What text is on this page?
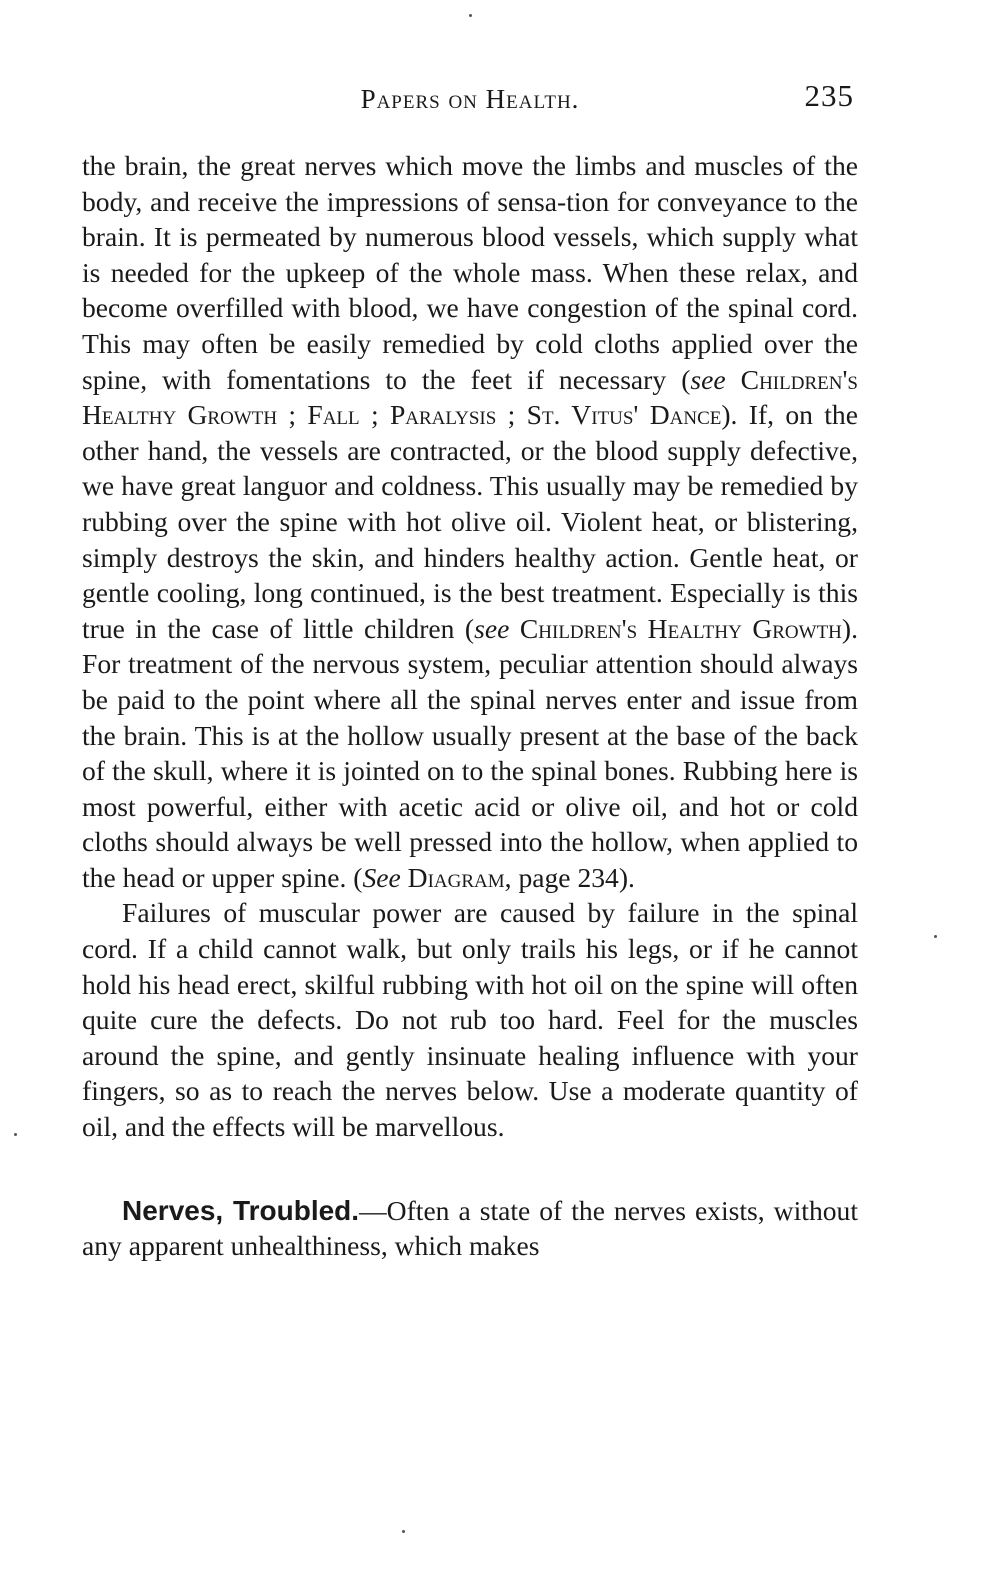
Papers on Health.	235

the brain, the great nerves which move the limbs and muscles of the body, and receive the impressions of sensa-tion for conveyance to the brain. It is permeated by numerous blood vessels, which supply what is needed for the upkeep of the whole mass. When these relax, and become overfilled with blood, we have congestion of the spinal cord. This may often be easily remedied by cold cloths applied over the spine, with fomentations to the feet if necessary (see Children's Healthy Growth ; Fall ; Paralysis ; St. Vitus' Dance). If, on the other hand, the vessels are contracted, or the blood supply defective, we have great languor and coldness. This usually may be remedied by rubbing over the spine with hot olive oil. Violent heat, or blistering, simply destroys the skin, and hinders healthy action. Gentle heat, or gentle cooling, long continued, is the best treatment. Especially is this true in the case of little children (see Children's Healthy Growth). For treatment of the nervous system, peculiar attention should always be paid to the point where all the spinal nerves enter and issue from the brain. This is at the hollow usually present at the base of the back of the skull, where it is jointed on to the spinal bones. Rubbing here is most powerful, either with acetic acid or olive oil, and hot or cold cloths should always be well pressed into the hollow, when applied to the head or upper spine. (See Diagram, page 234).

Failures of muscular power are caused by failure in the spinal cord. If a child cannot walk, but only trails his legs, or if he cannot hold his head erect, skilful rubbing with hot oil on the spine will often quite cure the defects. Do not rub too hard. Feel for the muscles around the spine, and gently insinuate healing influence with your fingers, so as to reach the nerves below. Use a moderate quantity of oil, and the effects will be marvellous.

Nerves, Troubled.—Often a state of the nerves exists, without any apparent unhealthiness, which makes
